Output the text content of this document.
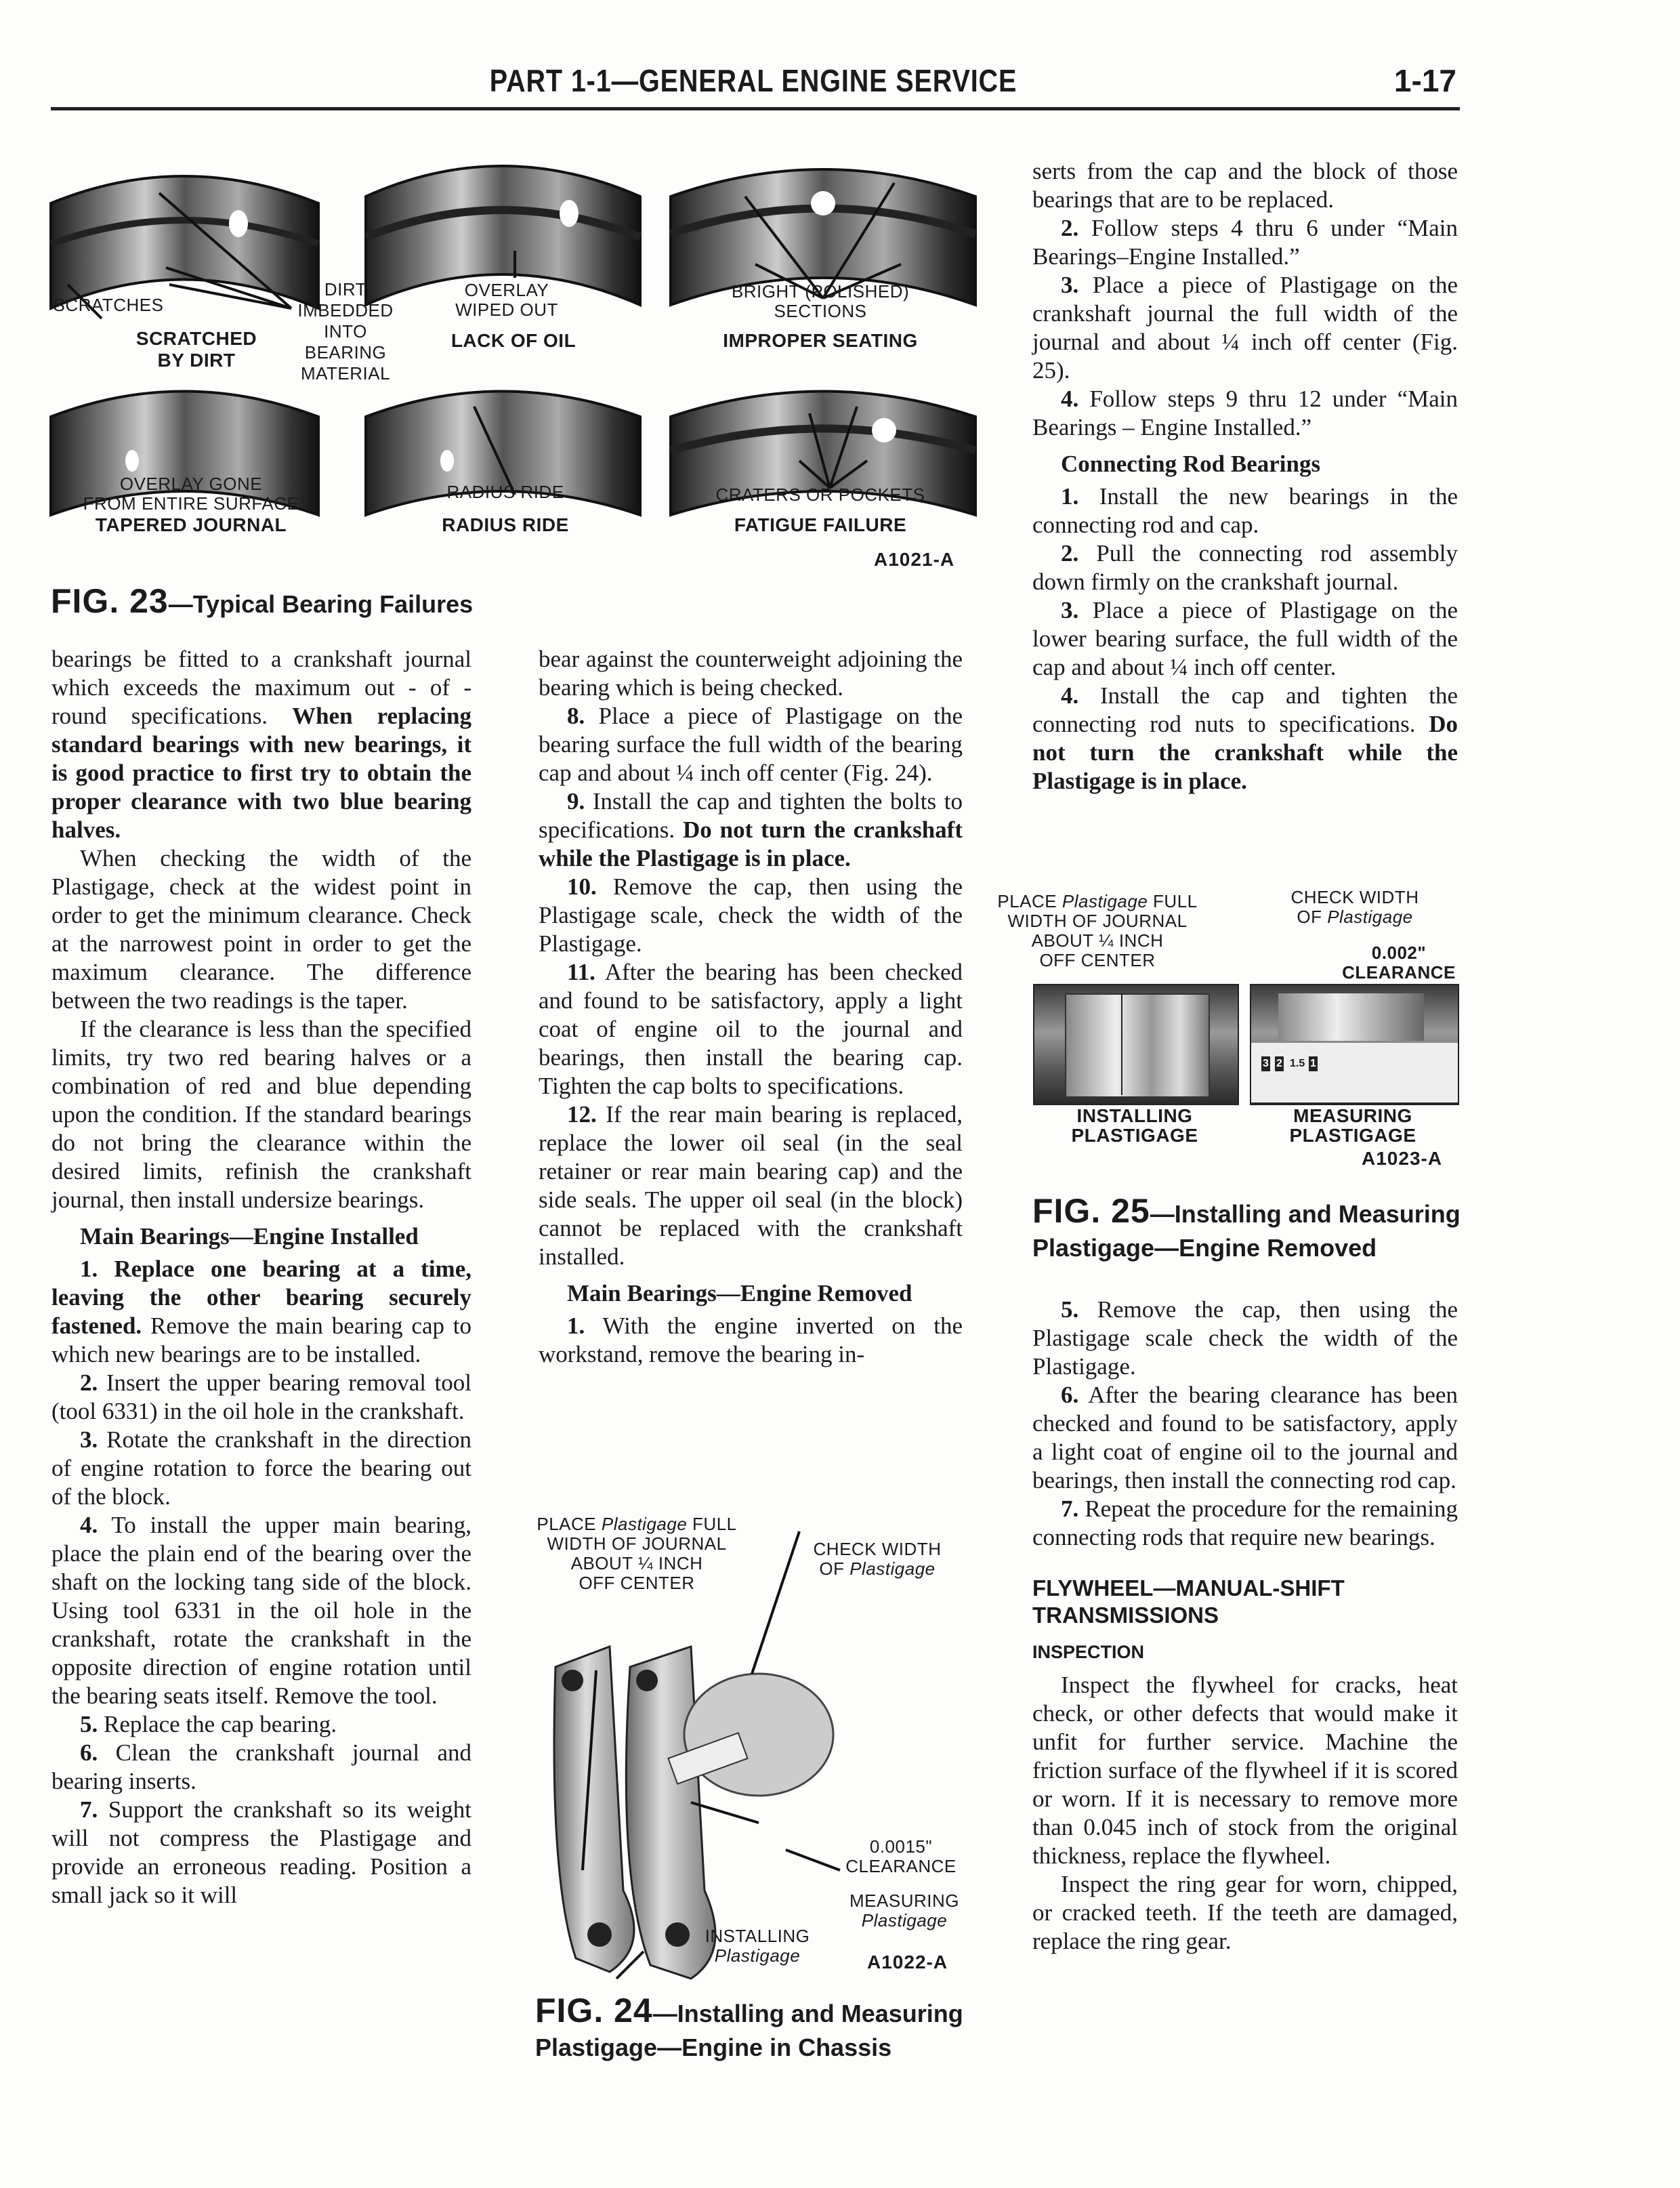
PART 1-1—GENERAL ENGINE SERVICE	1-17
SCRATCHES
DIRT
IMBEDDED
INTO
BEARING
MATERIAL
SCRATCHED
BY DIRT
OVERLAY
WIPED OUT
LACK OF OIL
BRIGHT (POLISHED)
SECTIONS
IMPROPER SEATING
OVERLAY GONE
FROM ENTIRE SURFACE
TAPERED JOURNAL
RADIUS RIDE
RADIUS RIDE
CRATERS OR POCKETS
FATIGUE FAILURE
A1021-A
FIG. 23—Typical Bearing Failures

bearings be fitted to a crankshaft journal which exceeds the maximum out - of - round specifications. When replacing standard bearings with new bearings, it is good practice to first try to obtain the proper clearance with two blue bearing halves.

When checking the width of the Plastigage, check at the widest point in order to get the minimum clearance. Check at the narrowest point in order to get the maximum clearance. The difference between the two readings is the taper.

If the clearance is less than the specified limits, try two red bearing halves or a combination of red and blue depending upon the condition. If the standard bearings do not bring the clearance within the desired limits, refinish the crankshaft journal, then install undersize bearings.

Main Bearings—Engine Installed

1. Replace one bearing at a time, leaving the other bearing securely fastened. Remove the main bearing cap to which new bearings are to be installed.

2. Insert the upper bearing removal tool (tool 6331) in the oil hole in the crankshaft.

3. Rotate the crankshaft in the direction of engine rotation to force the bearing out of the block.

4. To install the upper main bearing, place the plain end of the bearing over the shaft on the locking tang side of the block. Using tool 6331 in the oil hole in the crankshaft, rotate the crankshaft in the opposite direction of engine rotation until the bearing seats itself. Remove the tool.

5. Replace the cap bearing.

6. Clean the crankshaft journal and bearing inserts.

7. Support the crankshaft so its weight will not compress the Plastigage and provide an erroneous reading. Position a small jack so it will

bear against the counterweight adjoining the bearing which is being checked.

8. Place a piece of Plastigage on the bearing surface the full width of the bearing cap and about ¼ inch off center (Fig. 24).

9. Install the cap and tighten the bolts to specifications. Do not turn the crankshaft while the Plastigage is in place.

10. Remove the cap, then using the Plastigage scale, check the width of the Plastigage.

11. After the bearing has been checked and found to be satisfactory, apply a light coat of engine oil to the journal and bearings, then install the bearing cap. Tighten the cap bolts to specifications.

12. If the rear main bearing is replaced, replace the lower oil seal (in the seal retainer or rear main bearing cap) and the side seals. The upper oil seal (in the block) cannot be replaced with the crankshaft installed.

Main Bearings—Engine Removed

1. With the engine inverted on the workstand, remove the bearing in-

serts from the cap and the block of those bearings that are to be replaced.

2. Follow steps 4 thru 6 under “Main Bearings–Engine Installed.”

3. Place a piece of Plastigage on the crankshaft journal the full width of the journal and about ¼ inch off center (Fig. 25).

4. Follow steps 9 thru 12 under “Main Bearings – Engine Installed.”

Connecting Rod Bearings

1. Install the new bearings in the connecting rod and cap.

2. Pull the connecting rod assembly down firmly on the crankshaft journal.

3. Place a piece of Plastigage on the lower bearing surface, the full width of the cap and about ¼ inch off center.

4. Install the cap and tighten the connecting rod nuts to specifications. Do not turn the crankshaft while the Plastigage is in place.

5. Remove the cap, then using the Plastigage scale check the width of the Plastigage.

6. After the bearing clearance has been checked and found to be satisfactory, apply a light coat of engine oil to the journal and bearings, then install the connecting rod cap.

7. Repeat the procedure for the remaining connecting rods that require new bearings.

FLYWHEEL—MANUAL-SHIFT TRANSMISSIONS
INSPECTION

Inspect the flywheel for cracks, heat check, or other defects that would make it unfit for further service. Machine the friction surface of the flywheel if it is scored or worn. If it is necessary to remove more than 0.045 inch of stock from the original thickness, replace the flywheel.

Inspect the ring gear for worn, chipped, or cracked teeth. If the teeth are damaged, replace the ring gear.

PLACE Plastigage FULL
WIDTH OF JOURNAL
ABOUT ¼ INCH
OFF CENTER
CHECK WIDTH
OF Plastigage
0.0015"
CLEARANCE
MEASURING
Plastigage
INSTALLING
Plastigage	A1022-A
FIG. 24—Installing and Measuring
Plastigage—Engine in Chassis
PLACE Plastigage FULL
WIDTH OF JOURNAL
ABOUT ¼ INCH
OFF CENTER
CHECK WIDTH
OF Plastigage
0.002"
CLEARANCE
3 2 1.5 1
INSTALLING
PLASTIGAGE
MEASURING
PLASTIGAGE
A1023-A
FIG. 25—Installing and Measuring
Plastigage—Engine Removed
